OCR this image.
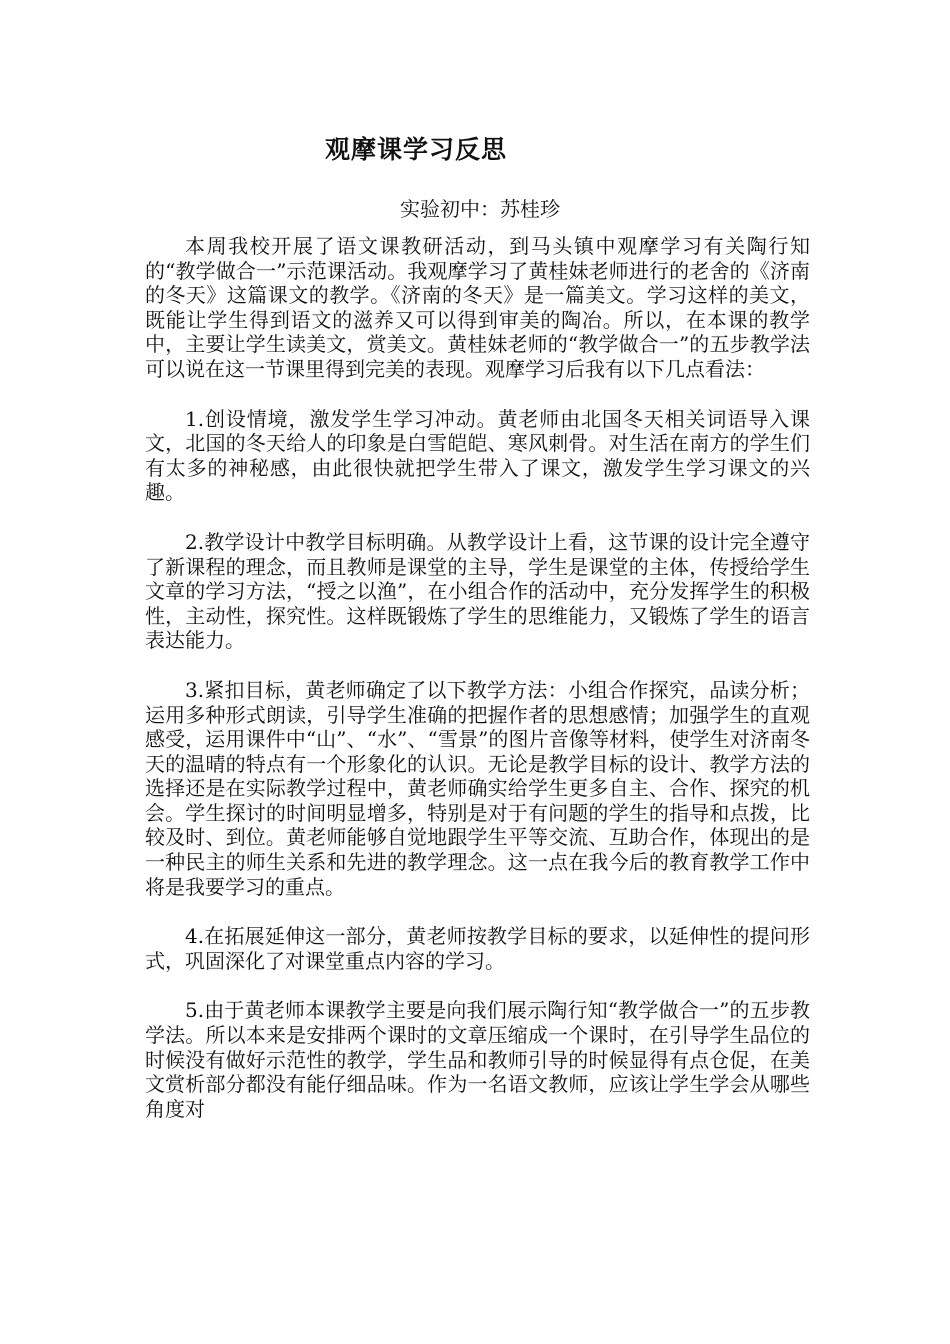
观摩课学习反思
实验初中：苏桂珍

本周我校开展了语文课教研活动，到马头镇中观摩学习有关陶行知的“教学做合一”示范课活动。我观摩学习了黄桂妹老师进行的老舍的《济南的冬天》这篇课文的教学。《济南的冬天》是一篇美文。学习这样的美文，既能让学生得到语文的滋养又可以得到审美的陶冶。所以，在本课的教学中，主要让学生读美文，赏美文。黄桂妹老师的“教学做合一”的五步教学法可以说在这一节课里得到完美的表现。观摩学习后我有以下几点看法：

1.创设情境，激发学生学习冲动。黄老师由北国冬天相关词语导入课文，北国的冬天给人的印象是白雪皑皑、寒风刺骨。对生活在南方的学生们有太多的神秘感，由此很快就把学生带入了课文，激发学生学习课文的兴趣。

2.教学设计中教学目标明确。从教学设计上看，这节课的设计完全遵守了新课程的理念，而且教师是课堂的主导，学生是课堂的主体，传授给学生文章的学习方法，“授之以渔”，在小组合作的活动中，充分发挥学生的积极性，主动性，探究性。这样既锻炼了学生的思维能力，又锻炼了学生的语言表达能力。

3.紧扣目标，黄老师确定了以下教学方法：小组合作探究，品读分析；运用多种形式朗读，引导学生准确的把握作者的思想感情；加强学生的直观感受，运用课件中“山”、“水”、“雪景”的图片音像等材料，使学生对济南冬天的温晴的特点有一个形象化的认识。无论是教学目标的设计、教学方法的选择还是在实际教学过程中，黄老师确实给学生更多自主、合作、探究的机会。学生探讨的时间明显增多，特别是对于有问题的学生的指导和点拨，比较及时、到位。黄老师能够自觉地跟学生平等交流、互助合作，体现出的是一种民主的师生关系和先进的教学理念。这一点在我今后的教育教学工作中将是我要学习的重点。

4.在拓展延伸这一部分，黄老师按教学目标的要求，以延伸性的提问形式，巩固深化了对课堂重点内容的学习。

5.由于黄老师本课教学主要是向我们展示陶行知“教学做合一”的五步教学法。所以本来是安排两个课时的文章压缩成一个课时，在引导学生品位的时候没有做好示范性的教学，学生品和教师引导的时候显得有点仓促，在美文赏析部分都没有能仔细品味。作为一名语文教师，应该让学生学会从哪些角度对
